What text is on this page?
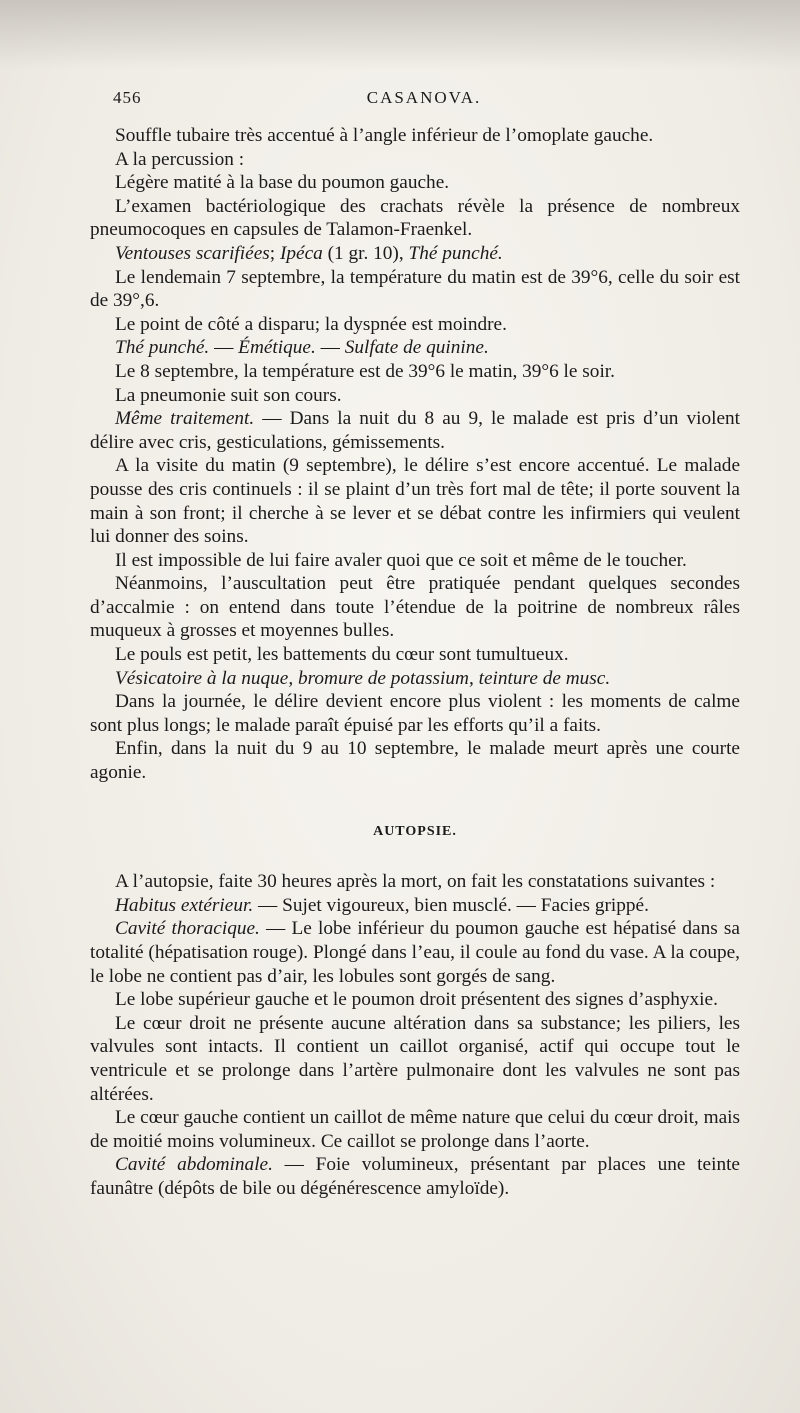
CASANOVA.
456

Souffle tubaire très accentué à l’angle inférieur de l’omoplate gauche.

A la percussion :

Légère matité à la base du poumon gauche.

L’examen bactériologique des crachats révèle la présence de nombreux pneumocoques en capsules de Talamon-Fraenkel.

Ventouses scarifiées; Ipéca (1 gr. 10), Thé punché.

Le lendemain 7 septembre, la température du matin est de 39°6, celle du soir est de 39°,6.

Le point de côté a disparu; la dyspnée est moindre.

Thé punché. — Émétique. — Sulfate de quinine.

Le 8 septembre, la température est de 39°6 le matin, 39°6 le soir.

La pneumonie suit son cours.

Même traitement. — Dans la nuit du 8 au 9, le malade est pris d’un violent délire avec cris, gesticulations, gémissements.

A la visite du matin (9 septembre), le délire s’est encore accentué. Le malade pousse des cris continuels : il se plaint d’un très fort mal de tête; il porte souvent la main à son front; il cherche à se lever et se débat contre les infirmiers qui veulent lui donner des soins.

Il est impossible de lui faire avaler quoi que ce soit et même de le toucher.

Néanmoins, l’auscultation peut être pratiquée pendant quelques secondes d’accalmie : on entend dans toute l’étendue de la poitrine de nombreux râles muqueux à grosses et moyennes bulles.

Le pouls est petit, les battements du cœur sont tumultueux.

Vésicatoire à la nuque, bromure de potassium, teinture de musc.

Dans la journée, le délire devient encore plus violent : les moments de calme sont plus longs; le malade paraît épuisé par les efforts qu’il a faits.

Enfin, dans la nuit du 9 au 10 septembre, le malade meurt après une courte agonie.

AUTOPSIE.

A l’autopsie, faite 30 heures après la mort, on fait les constatations suivantes :

Habitus extérieur. — Sujet vigoureux, bien musclé. — Facies grippé.

Cavité thoracique. — Le lobe inférieur du poumon gauche est hépatisé dans sa totalité (hépatisation rouge). Plongé dans l’eau, il coule au fond du vase. A la coupe, le lobe ne contient pas d’air, les lobules sont gorgés de sang.

Le lobe supérieur gauche et le poumon droit présentent des signes d’asphyxie.

Le cœur droit ne présente aucune altération dans sa substance; les piliers, les valvules sont intacts. Il contient un caillot organisé, actif qui occupe tout le ventricule et se prolonge dans l’artère pulmonaire dont les valvules ne sont pas altérées.

Le cœur gauche contient un caillot de même nature que celui du cœur droit, mais de moitié moins volumineux. Ce caillot se prolonge dans l’aorte.

Cavité abdominale. — Foie volumineux, présentant par places une teinte faunâtre (dépôts de bile ou dégénérescence amyloïde).
